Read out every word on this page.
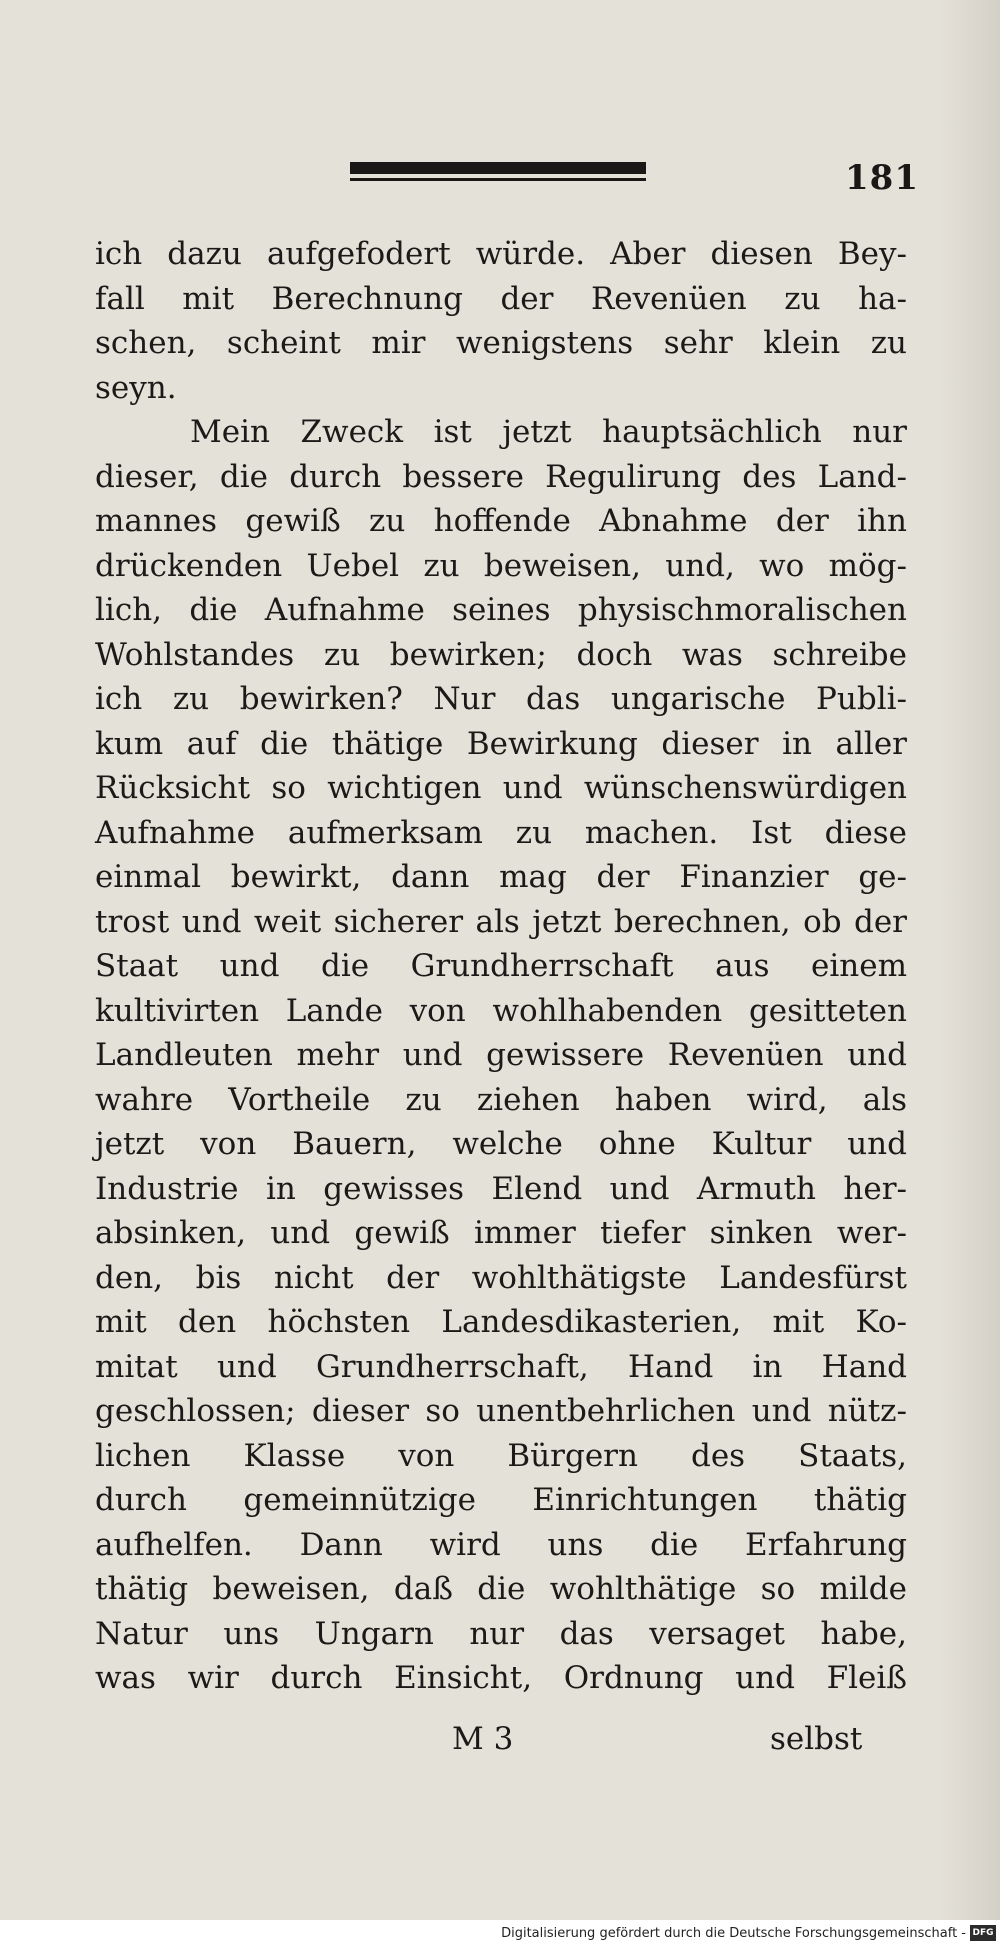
181
ich dazu aufgefodert würde. Aber diesen Bey-
fall mit Berechnung der Revenüen zu ha-
schen, scheint mir wenigstens sehr klein zu
seyn.
Mein Zweck ist jetzt hauptsächlich nur
dieser, die durch bessere Regulirung des Land-
mannes gewiß zu hoffende Abnahme der ihn
drückenden Uebel zu beweisen, und, wo mög-
lich, die Aufnahme seines physischmoralischen
Wohlstandes zu bewirken; doch was schreibe
ich zu bewirken? Nur das ungarische Publi-
kum auf die thätige Bewirkung dieser in aller
Rücksicht so wichtigen und wünschenswürdigen
Aufnahme aufmerksam zu machen. Ist diese
einmal bewirkt, dann mag der Finanzier ge-
trost und weit sicherer als jetzt berechnen, ob der
Staat und die Grundherrschaft aus einem
kultivirten Lande von wohlhabenden gesitteten
Landleuten mehr und gewissere Revenüen und
wahre Vortheile zu ziehen haben wird, als
jetzt von Bauern, welche ohne Kultur und
Industrie in gewisses Elend und Armuth her-
absinken, und gewiß immer tiefer sinken wer-
den, bis nicht der wohlthätigste Landesfürst
mit den höchsten Landesdikasterien, mit Ko-
mitat und Grundherrschaft, Hand in Hand
geschlossen; dieser so unentbehrlichen und nütz-
lichen Klasse von Bürgern des Staats,
durch gemeinnützige Einrichtungen thätig
aufhelfen. Dann wird uns die Erfahrung
thätig beweisen, daß die wohlthätige so milde
Natur uns Ungarn nur das versaget habe,
was wir durch Einsicht, Ordnung und Fleiß
M 3	selbst
Digitalisierung gefördert durch die Deutsche Forschungsgemeinschaft - DFG
